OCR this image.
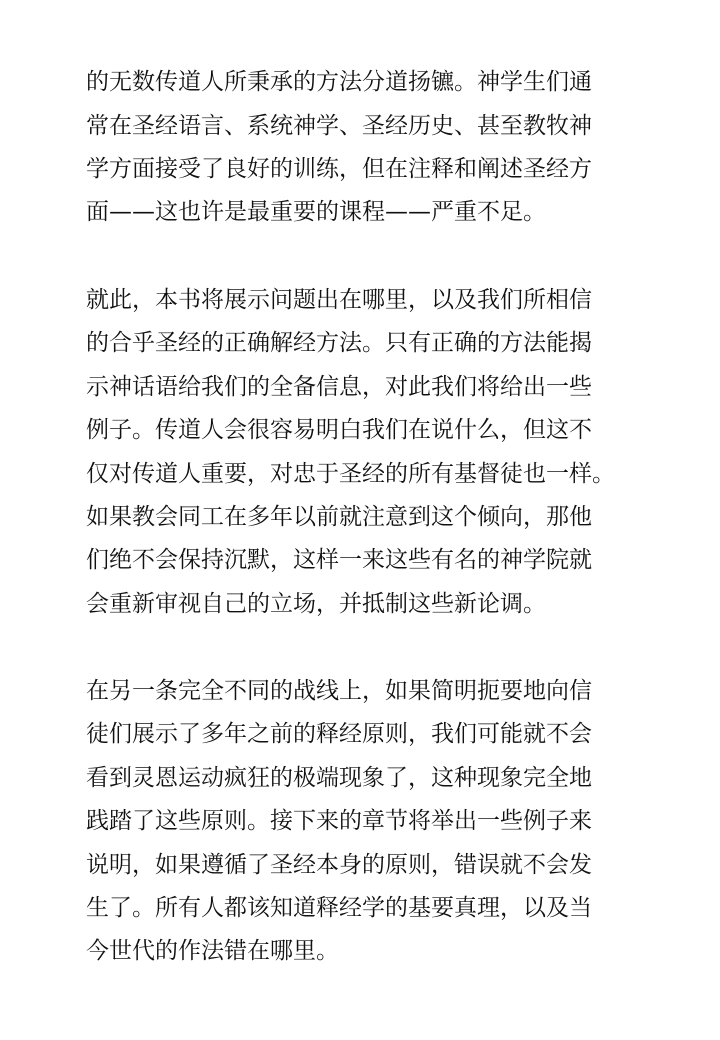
的无数传道人所秉承的方法分道扬镳。神学生们通
常在圣经语言、系统神学、圣经历史、甚至教牧神
学方面接受了良好的训练，但在注释和阐述圣经方
面——这也许是最重要的课程——严重不足。
就此，本书将展示问题出在哪里，以及我们所相信
的合乎圣经的正确解经方法。只有正确的方法能揭
示神话语给我们的全备信息，对此我们将给出一些
例子。传道人会很容易明白我们在说什么，但这不
仅对传道人重要，对忠于圣经的所有基督徒也一样。
如果教会同工在多年以前就注意到这个倾向，那他
们绝不会保持沉默，这样一来这些有名的神学院就
会重新审视自己的立场，并抵制这些新论调。
在另一条完全不同的战线上，如果简明扼要地向信
徒们展示了多年之前的释经原则，我们可能就不会
看到灵恩运动疯狂的极端现象了，这种现象完全地
践踏了这些原则。接下来的章节将举出一些例子来
说明，如果遵循了圣经本身的原则，错误就不会发
生了。所有人都该知道释经学的基要真理，以及当
今世代的作法错在哪里。
